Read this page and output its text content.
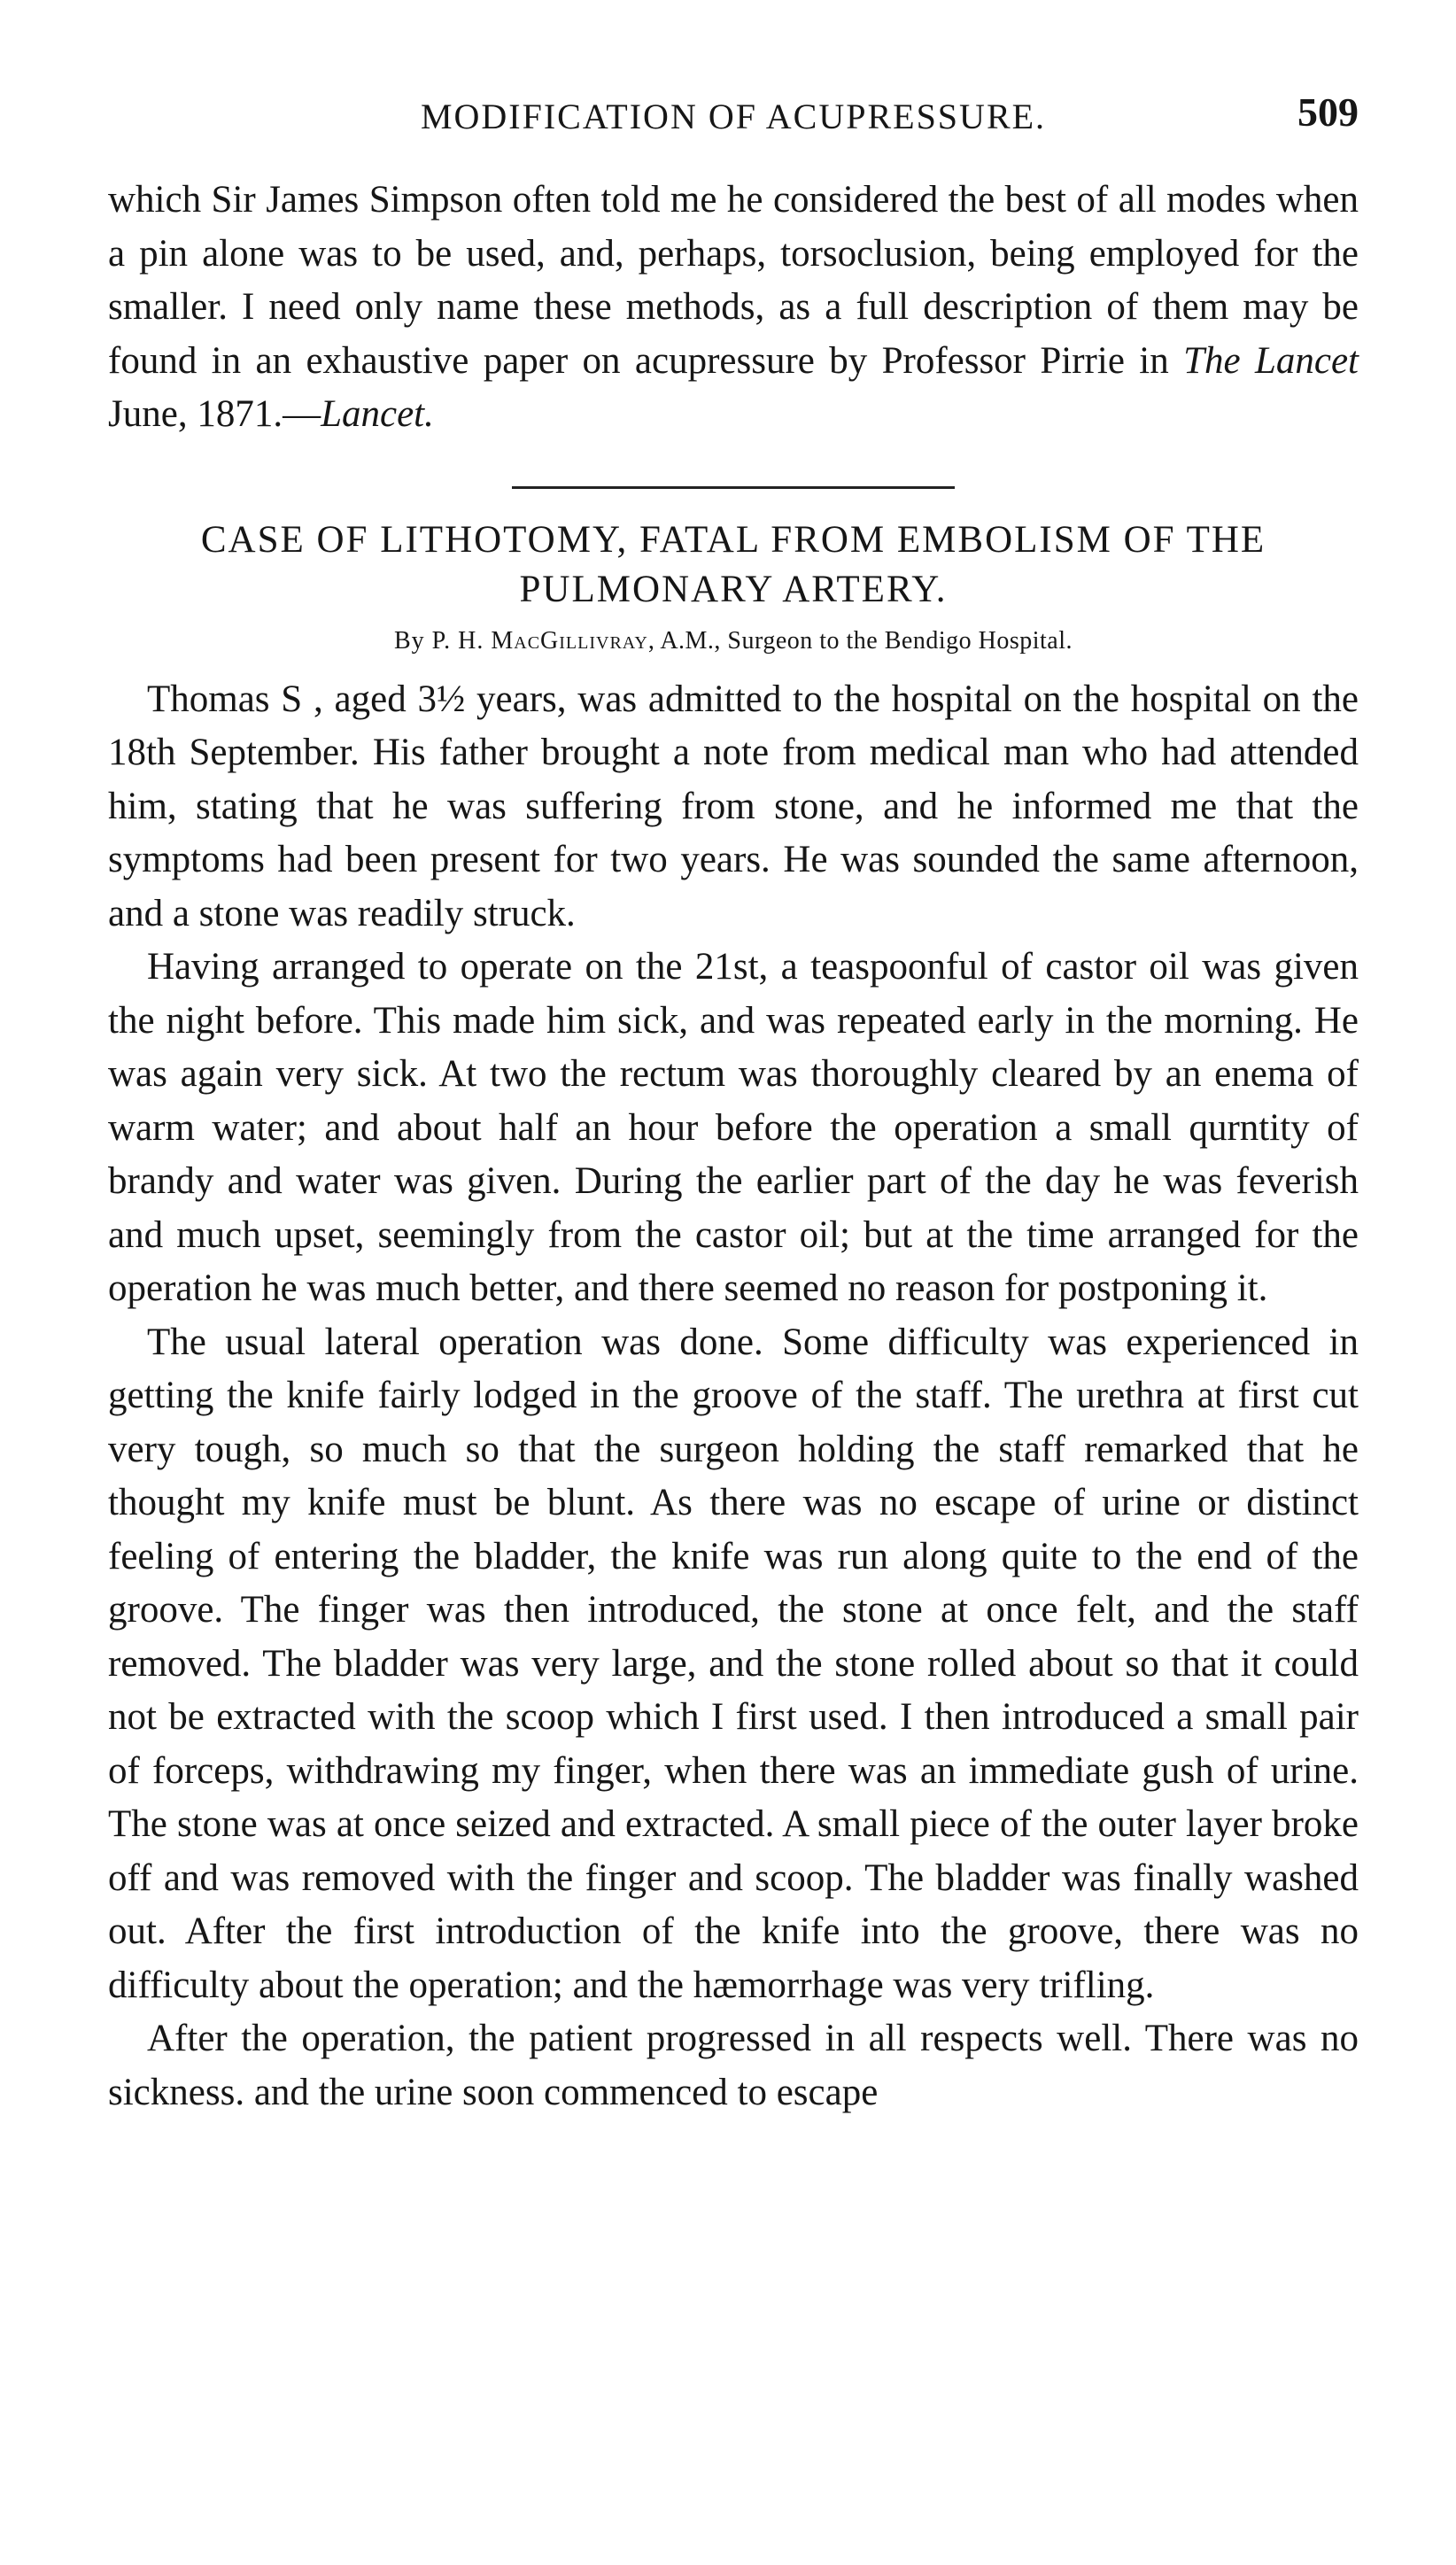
MODIFICATION OF ACUPRESSURE.	509

which Sir James Simpson often told me he considered the best of all modes when a pin alone was to be used, and, perhaps, torsoclusion, being employed for the smaller. I need only name these methods, as a full description of them may be found in an exhaustive paper on acupressure by Professor Pirrie in The Lancet June, 1871.—Lancet.

CASE OF LITHOTOMY, FATAL FROM EMBOLISM OF THE
PULMONARY ARTERY.
By P. H. MacGillivray, A.M., Surgeon to the Bendigo Hospital.

Thomas S , aged 3½ years, was admitted to the hospital on the hospital on the 18th September. His father brought a note from medical man who had attended him, stating that he was suffering from stone, and he informed me that the symptoms had been present for two years. He was sounded the same afternoon, and a stone was readily struck.

Having arranged to operate on the 21st, a teaspoonful of castor oil was given the night before. This made him sick, and was repeated early in the morning. He was again very sick. At two the rectum was thoroughly cleared by an enema of warm water; and about half an hour before the operation a small qurntity of brandy and water was given. During the earlier part of the day he was feverish and much upset, seemingly from the castor oil; but at the time arranged for the operation he was much better, and there seemed no reason for postponing it.

The usual lateral operation was done. Some difficulty was experienced in getting the knife fairly lodged in the groove of the staff. The urethra at first cut very tough, so much so that the surgeon holding the staff remarked that he thought my knife must be blunt. As there was no escape of urine or distinct feeling of entering the bladder, the knife was run along quite to the end of the groove. The finger was then introduced, the stone at once felt, and the staff removed. The bladder was very large, and the stone rolled about so that it could not be extracted with the scoop which I first used. I then introduced a small pair of forceps, withdrawing my finger, when there was an immediate gush of urine. The stone was at once seized and extracted. A small piece of the outer layer broke off and was removed with the finger and scoop. The bladder was finally washed out. After the first introduction of the knife into the groove, there was no difficulty about the operation; and the hæmorrhage was very trifling.

After the operation, the patient progressed in all respects well. There was no sickness. and the urine soon commenced to escape
